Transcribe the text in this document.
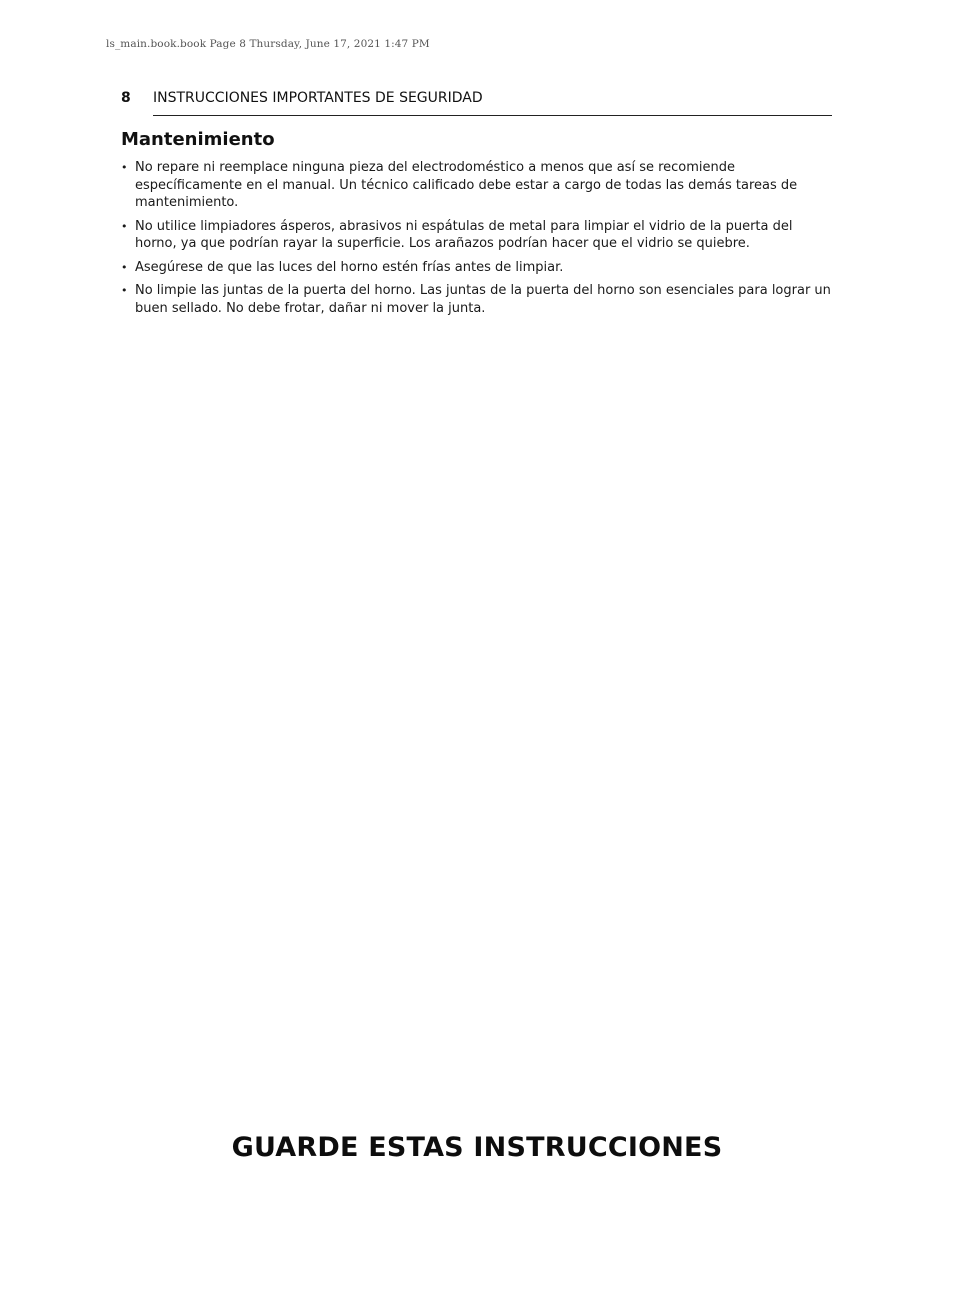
ls_main.book.book Page 8 Thursday, June 17, 2021 1:47 PM
8 INSTRUCCIONES IMPORTANTES DE SEGURIDAD
Mantenimiento
• No repare ni reemplace ninguna pieza del electrodoméstico a menos que así se recomiende específicamente en el manual. Un técnico calificado debe estar a cargo de todas las demás tareas de mantenimiento.
• No utilice limpiadores ásperos, abrasivos ni espátulas de metal para limpiar el vidrio de la puerta del horno, ya que podrían rayar la superficie. Los arañazos podrían hacer que el vidrio se quiebre.
• Asegúrese de que las luces del horno estén frías antes de limpiar.
• No limpie las juntas de la puerta del horno. Las juntas de la puerta del horno son esenciales para lograr un buen sellado. No debe frotar, dañar ni mover la junta.
GUARDE ESTAS INSTRUCCIONES
